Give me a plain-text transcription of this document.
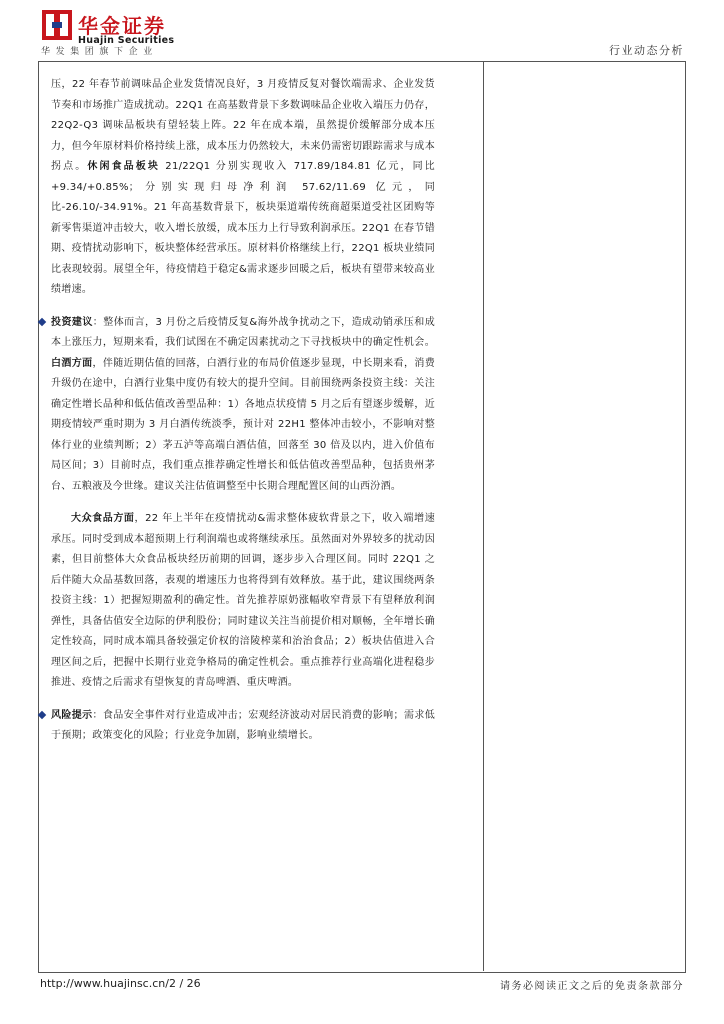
华金证券
Huajin Securities
华发集团旗下企业	行业动态分析

压，22 年春节前调味品企业发货情况良好，3 月疫情反复对餐饮端需求、企业发货节奏和市场推广造成扰动。22Q1 在高基数背景下多数调味品企业收入端压力仍存，22Q2-Q3 调味品板块有望轻装上阵。22 年在成本端，虽然提价缓解部分成本压力，但今年原材料价格持续上涨，成本压力仍然较大，未来仍需密切跟踪需求与成本拐点。休闲食品板块 21/22Q1 分别实现收入 717.89/184.81 亿元，同比+9.34/+0.85%；分别实现归母净利润 57.62/11.69 亿元，同比-26.10/-34.91%。21 年高基数背景下，板块渠道端传统商超渠道受社区团购等新零售渠道冲击较大，收入增长放缓，成本压力上行导致利润承压。22Q1 在春节错期、疫情扰动影响下，板块整体经营承压。原材料价格继续上行，22Q1 板块业绩同比表现较弱。展望全年，待疫情趋于稳定&需求逐步回暖之后，板块有望带来较高业绩增速。

投资建议：整体而言，3 月份之后疫情反复&海外战争扰动之下，造成动销承压和成本上涨压力，短期来看，我们试图在不确定因素扰动之下寻找板块中的确定性机会。白酒方面，伴随近期估值的回落，白酒行业的布局价值逐步显现，中长期来看，消费升级仍在途中，白酒行业集中度仍有较大的提升空间。目前围绕两条投资主线：关注确定性增长品种和低估值改善型品种：1）各地点状疫情 5 月之后有望逐步缓解，近期疫情较严重时期为 3 月白酒传统淡季，预计对 22H1 整体冲击较小，不影响对整体行业的业绩判断；2）茅五泸等高端白酒估值，回落至 30 倍及以内，进入价值布局区间；3）目前时点，我们重点推荐确定性增长和低估值改善型品种，包括贵州茅台、五粮液及今世缘。建议关注估值调整至中长期合理配置区间的山西汾酒。

大众食品方面，22 年上半年在疫情扰动&需求整体疲软背景之下，收入端增速承压。同时受到成本超预期上行利润端也或将继续承压。虽然面对外界较多的扰动因素，但目前整体大众食品板块经历前期的回调，逐步步入合理区间。同时 22Q1 之后伴随大众品基数回落，表观的增速压力也将得到有效释放。基于此，建议围绕两条投资主线：1）把握短期盈利的确定性。首先推荐原奶涨幅收窄背景下有望释放利润弹性，具备估值安全边际的伊利股份；同时建议关注当前提价相对顺畅，全年增长确定性较高，同时成本端具备较强定价权的涪陵榨菜和治治食品；2）板块估值进入合理区间之后，把握中长期行业竞争格局的确定性机会。重点推荐行业高端化进程稳步推进、疫情之后需求有望恢复的青岛啤酒、重庆啤酒。

风险提示：食品安全事件对行业造成冲击；宏观经济波动对居民消费的影响；需求低于预期；政策变化的风险；行业竞争加剧，影响业绩增长。

http://www.huajinsc.cn/2 / 26	请务必阅读正文之后的免责条款部分
